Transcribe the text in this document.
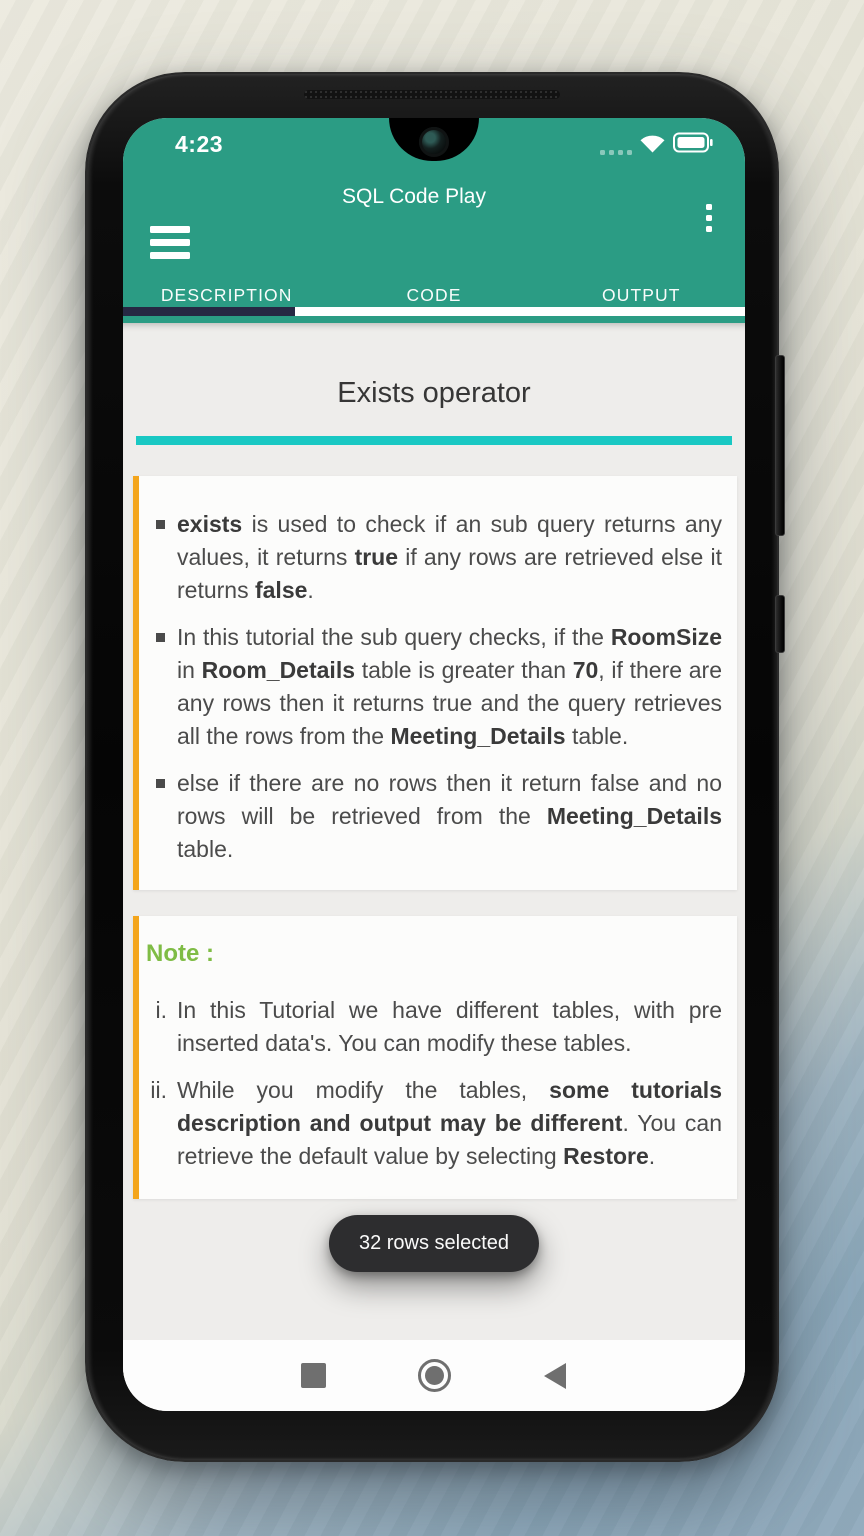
4:23
SQL Code Play
DESCRIPTION	CODE	OUTPUT
Exists operator
exists is used to check if an sub query returns any values, it returns true if any rows are retrieved else it returns false.
In this tutorial the sub query checks, if the RoomSize in Room_Details table is greater than 70, if there are any rows then it returns true and the query retrieves all the rows from the Meeting_Details table.
else if there are no rows then it return false and no rows will be retrieved from the Meeting_Details table.
Note :
i. In this Tutorial we have different tables, with pre inserted data's. You can modify these tables.
ii. While you modify the tables, some tutorials description and output may be different. You can retrieve the default value by selecting Restore.
32 rows selected
